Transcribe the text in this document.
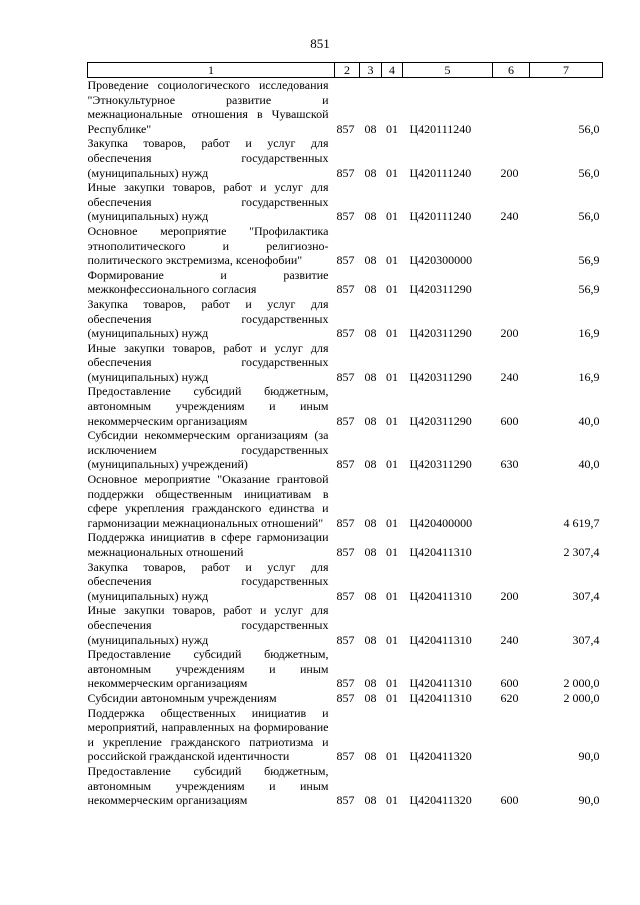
851
1	2	3	4	5	6	7
Проведение социологического исследования "Этнокультурное развитие и межнациональные отношения в Чувашской Республике"	857	08	01	Ц420111240		56,0
Закупка товаров, работ и услуг для обеспечения государственных (муниципальных) нужд	857	08	01	Ц420111240	200	56,0
Иные закупки товаров, работ и услуг для обеспечения государственных (муниципальных) нужд	857	08	01	Ц420111240	240	56,0
Основное мероприятие "Профилактика этнополитического и религиозно-политического экстремизма, ксенофобии"	857	08	01	Ц420300000		56,9
Формирование и развитие межконфессионального согласия	857	08	01	Ц420311290		56,9
Закупка товаров, работ и услуг для обеспечения государственных (муниципальных) нужд	857	08	01	Ц420311290	200	16,9
Иные закупки товаров, работ и услуг для обеспечения государственных (муниципальных) нужд	857	08	01	Ц420311290	240	16,9
Предоставление субсидий бюджетным, автономным учреждениям и иным некоммерческим организациям	857	08	01	Ц420311290	600	40,0
Субсидии некоммерческим организациям (за исключением государственных (муниципальных) учреждений)	857	08	01	Ц420311290	630	40,0
Основное мероприятие "Оказание грантовой поддержки общественным инициативам в сфере укрепления гражданского единства и гармонизации межнациональных отношений"	857	08	01	Ц420400000		4 619,7
Поддержка инициатив в сфере гармонизации межнациональных отношений	857	08	01	Ц420411310		2 307,4
Закупка товаров, работ и услуг для обеспечения государственных (муниципальных) нужд	857	08	01	Ц420411310	200	307,4
Иные закупки товаров, работ и услуг для обеспечения государственных (муниципальных) нужд	857	08	01	Ц420411310	240	307,4
Предоставление субсидий бюджетным, автономным учреждениям и иным некоммерческим организациям	857	08	01	Ц420411310	600	2 000,0
Субсидии автономным учреждениям	857	08	01	Ц420411310	620	2 000,0
Поддержка общественных инициатив и мероприятий, направленных на формирование и укрепление гражданского патриотизма и российской гражданской идентичности	857	08	01	Ц420411320		90,0
Предоставление субсидий бюджетным, автономным учреждениям и иным некоммерческим организациям	857	08	01	Ц420411320	600	90,0
